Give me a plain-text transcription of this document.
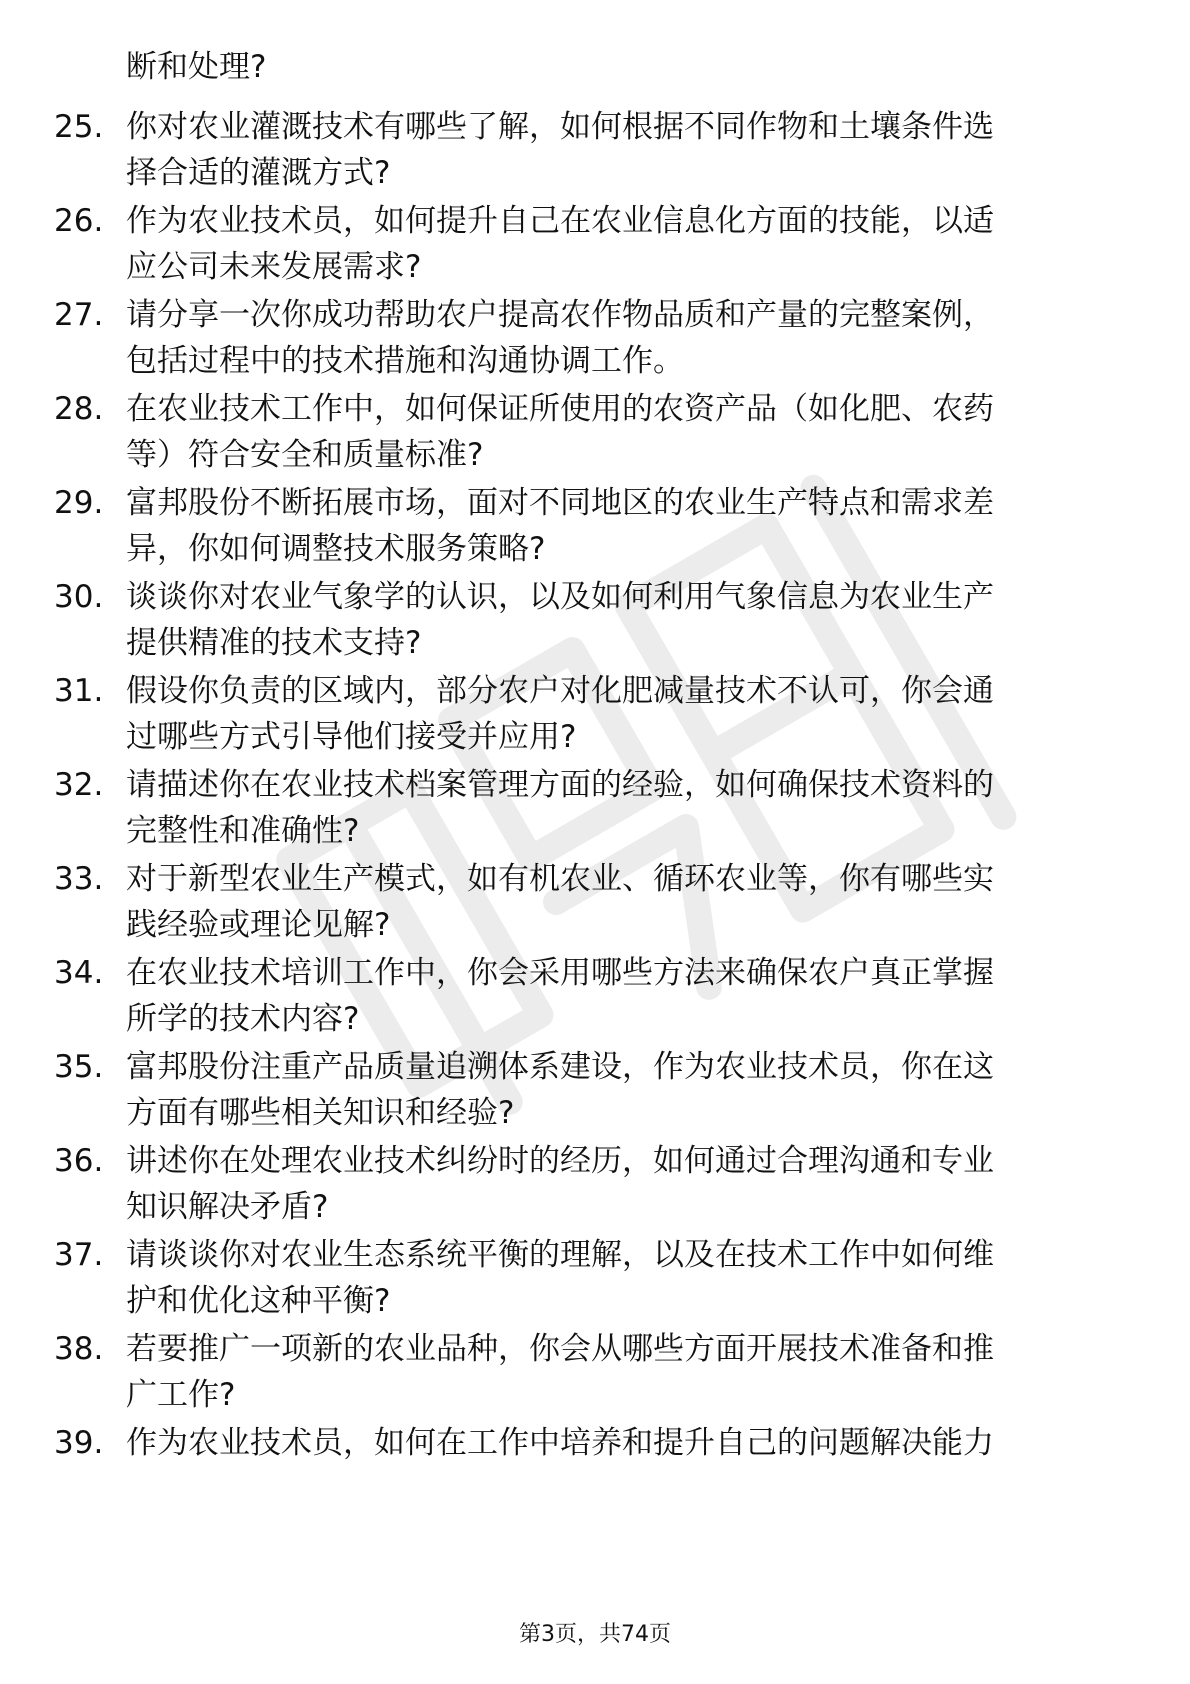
断和处理?
25. 你对农业灌溉技术有哪些了解，如何根据不同作物和土壤条件选
择合适的灌溉方式?
26. 作为农业技术员，如何提升自己在农业信息化方面的技能，以适
应公司未来发展需求?
27. 请分享一次你成功帮助农户提高农作物品质和产量的完整案例，
包括过程中的技术措施和沟通协调工作。
28. 在农业技术工作中，如何保证所使用的农资产品（如化肥、农药
等）符合安全和质量标准?
29. 富邦股份不断拓展市场，面对不同地区的农业生产特点和需求差
异，你如何调整技术服务策略?
30. 谈谈你对农业气象学的认识，以及如何利用气象信息为农业生产
提供精准的技术支持?
31. 假设你负责的区域内，部分农户对化肥减量技术不认可，你会通
过哪些方式引导他们接受并应用?
32. 请描述你在农业技术档案管理方面的经验，如何确保技术资料的
完整性和准确性?
33. 对于新型农业生产模式，如有机农业、循环农业等，你有哪些实
践经验或理论见解?
34. 在农业技术培训工作中，你会采用哪些方法来确保农户真正掌握
所学的技术内容?
35. 富邦股份注重产品质量追溯体系建设，作为农业技术员，你在这
方面有哪些相关知识和经验?
36. 讲述你在处理农业技术纠纷时的经历，如何通过合理沟通和专业
知识解决矛盾?
37. 请谈谈你对农业生态系统平衡的理解，以及在技术工作中如何维
护和优化这种平衡?
38. 若要推广一项新的农业品种，你会从哪些方面开展技术准备和推
广工作?
39. 作为农业技术员，如何在工作中培养和提升自己的问题解决能力
第3页，共74页
